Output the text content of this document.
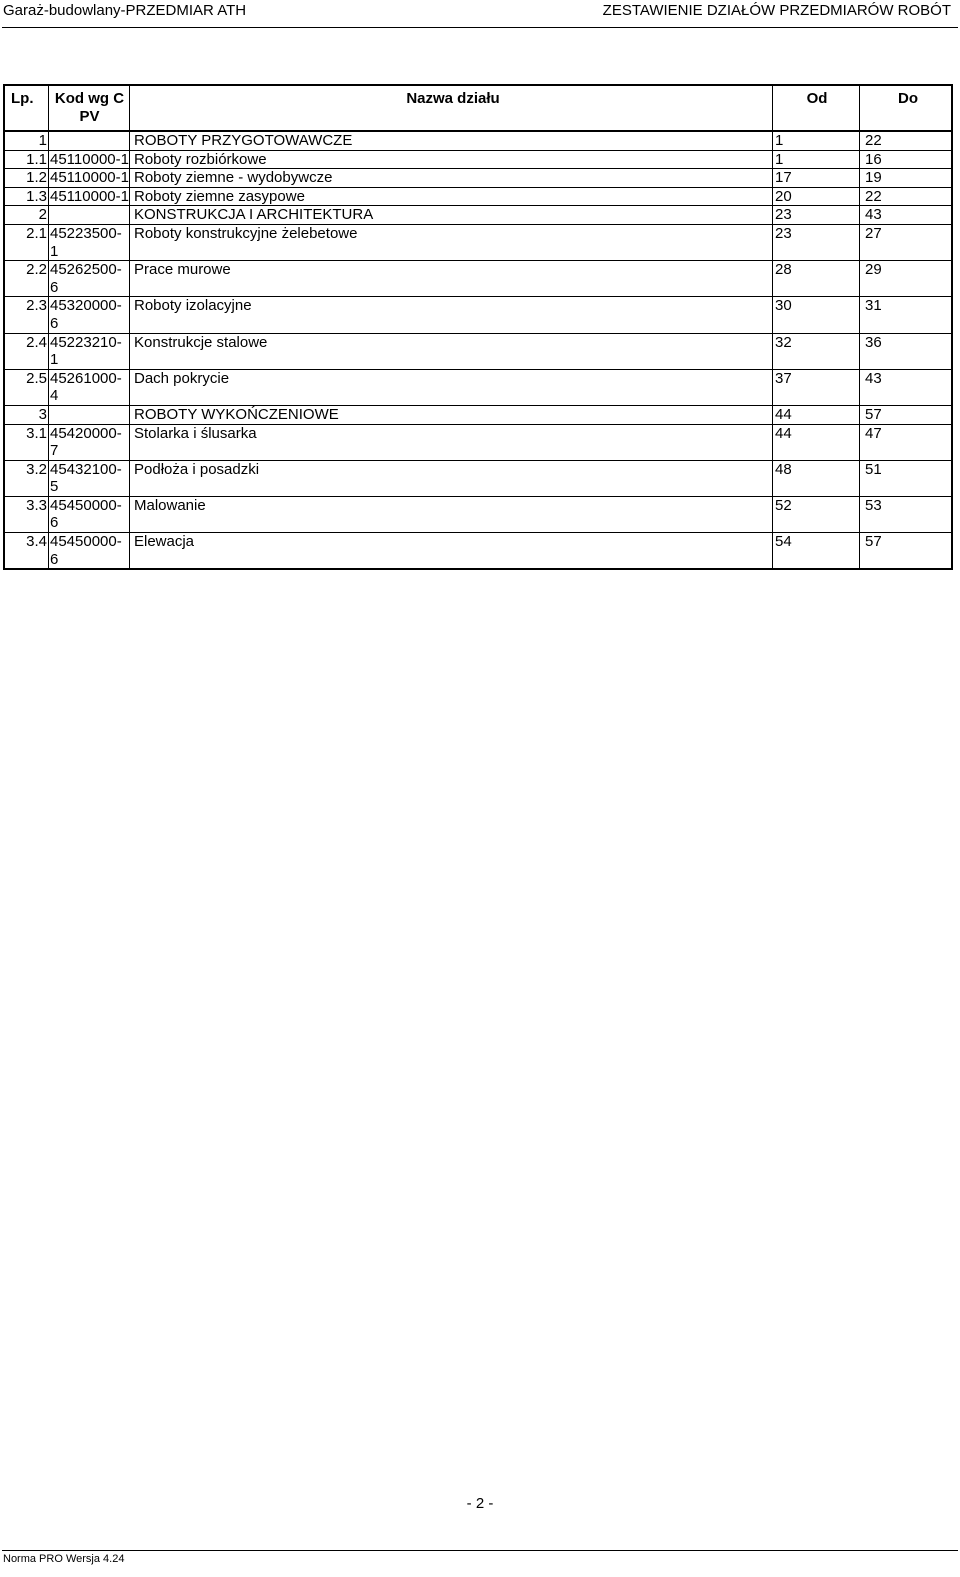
Garaż-budowlany-PRZEDMIAR ATH	ZESTAWIENIE DZIAŁÓW PRZEDMIARÓW ROBÓT
Lp.	Kod wg CPV	Nazwa działu	Od	Do
1		ROBOTY PRZYGOTOWAWCZE	1	22
1.1	45110000-1	Roboty rozbiórkowe	1	16
1.2	45110000-1	Roboty ziemne - wydobywcze	17	19
1.3	45110000-1	Roboty ziemne zasypowe	20	22
2		KONSTRUKCJA I ARCHITEKTURA	23	43
2.1	45223500-1	Roboty konstrukcyjne żelebetowe	23	27
2.2	45262500-6	Prace murowe	28	29
2.3	45320000-6	Roboty izolacyjne	30	31
2.4	45223210-1	Konstrukcje stalowe	32	36
2.5	45261000-4	Dach pokrycie	37	43
3		ROBOTY WYKOŃCZENIOWE	44	57
3.1	45420000-7	Stolarka i ślusarka	44	47
3.2	45432100-5	Podłoża i posadzki	48	51
3.3	45450000-6	Malowanie	52	53
3.4	45450000-6	Elewacja	54	57
- 2 -
Norma PRO Wersja 4.24
